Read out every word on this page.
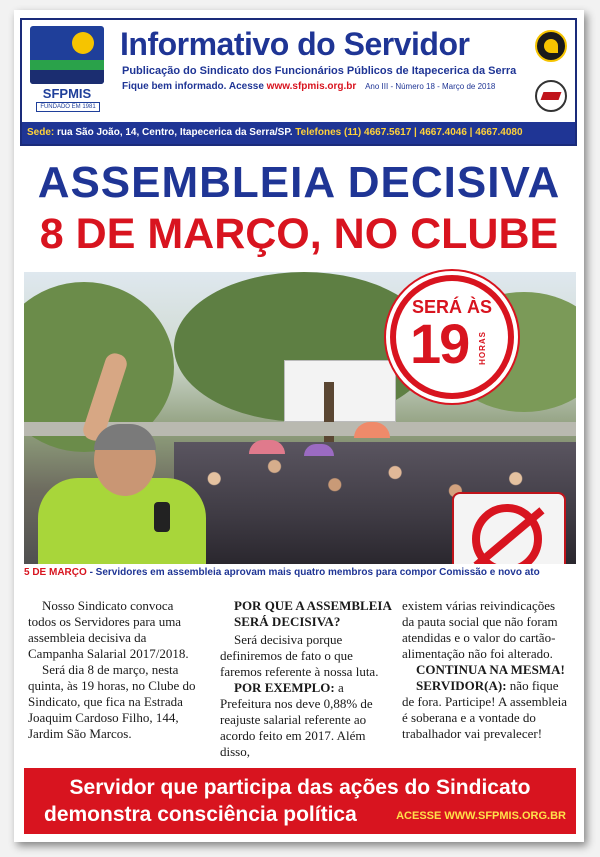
SFPMIS
FUNDADO EM 1981
Informativo do Servidor
Publicação do Sindicato dos Funcionários Públicos de Itapecerica da Serra
Fique bem informado. Acesse www.sfpmis.org.br Ano III - Número 18 - Março de 2018
Sede: rua São João, 14, Centro, Itapecerica da Serra/SP. Telefones (11) 4667.5617 | 4667.4046 | 4667.4080
ASSEMBLEIA DECISIVA
8 DE MARÇO, NO CLUBE
SERÁ ÀS
19 HORAS
5 DE MARÇO - Servidores em assembleia aprovam mais quatro membros para compor Comissão e novo ato

Nosso Sindicato convoca todos os Servidores para uma assembleia decisiva da Campanha Salarial 2017/2018.

Será dia 8 de março, nesta quinta, às 19 horas, no Clube do Sindicato, que fica na Estrada Joaquim Cardoso Filho, 144, Jardim São Marcos.

POR QUE A ASSEMBLEIA SERÁ DECISIVA?

Será decisiva porque definiremos de fato o que faremos referente à nossa luta.

POR EXEMPLO: a Prefeitura nos deve 0,88% de reajuste salarial referente ao acordo feito em 2017. Além disso,

existem várias reivindicações da pauta social que não foram atendidas e o valor do cartão-alimentação não foi alterado.

CONTINUA NA MESMA!

SERVIDOR(A): não fique de fora. Participe! A assembleia é soberana e a vontade do trabalhador vai prevalecer!

Servidor que participa das ações do Sindicato
demonstra consciência política	ACESSE WWW.SFPMIS.ORG.BR
